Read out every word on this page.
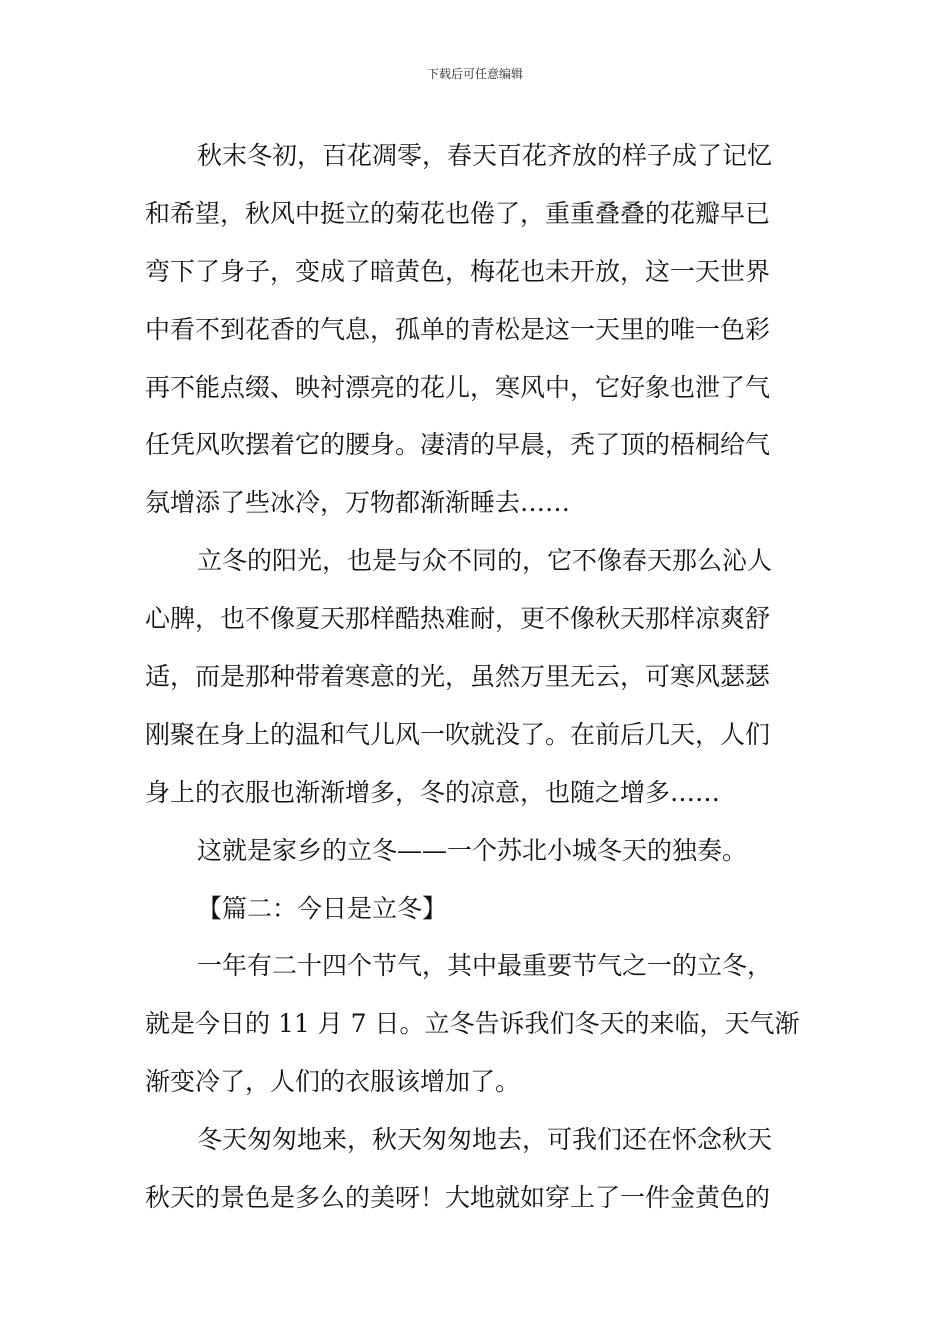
下载后可任意编辑
秋末冬初，百花凋零，春天百花齐放的样子成了记忆
和希望，秋风中挺立的菊花也倦了，重重叠叠的花瓣早已
弯下了身子，变成了暗黄色，梅花也未开放，这一天世界
中看不到花香的气息，孤单的青松是这一天里的唯一色彩
再不能点缀、映衬漂亮的花儿，寒风中，它好象也泄了气
任凭风吹摆着它的腰身。凄清的早晨，秃了顶的梧桐给气
氛增添了些冰冷，万物都渐渐睡去……
立冬的阳光，也是与众不同的，它不像春天那么沁人
心脾，也不像夏天那样酷热难耐，更不像秋天那样凉爽舒
适，而是那种带着寒意的光，虽然万里无云，可寒风瑟瑟
刚聚在身上的温和气儿风一吹就没了。在前后几天，人们
身上的衣服也渐渐增多，冬的凉意，也随之增多……
这就是家乡的立冬——一个苏北小城冬天的独奏。
【篇二：今日是立冬】
一年有二十四个节气，其中最重要节气之一的立冬，
就是今日的 11 月 7 日。立冬告诉我们冬天的来临，天气渐
渐变冷了，人们的衣服该增加了。
冬天匆匆地来，秋天匆匆地去，可我们还在怀念秋天
秋天的景色是多么的美呀！大地就如穿上了一件金黄色的
